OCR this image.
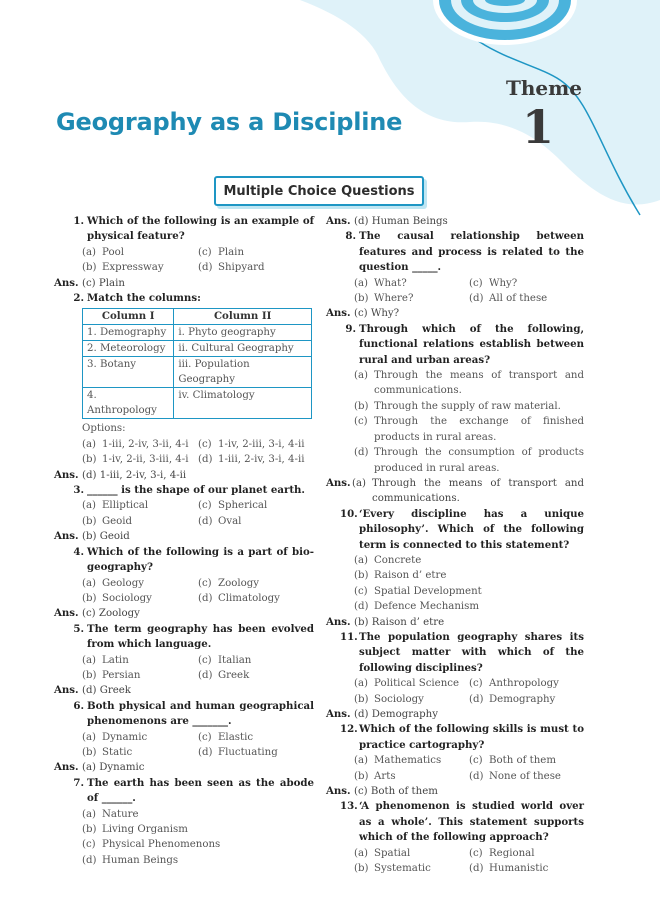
Theme
1
Geography as a Discipline
Multiple Choice Questions
1. Which of the following is an example of physical feature?
(a) Pool	(c) Plain
(b) Expressway	(d) Shipyard
Ans. (c) Plain
2. Match the columns:
Column I	Column II
1. Demography	i. Phyto geography
2. Meteorology	ii. Cultural Geography
3. Botany	iii. Population Geography
4. Anthropology	iv. Climatology
Options:
(a) 1-iii, 2-iv, 3-ii, 4-i (c) 1-iv, 2-iii, 3-i, 4-ii
(b) 1-iv, 2-ii, 3-iii, 4-i (d) 1-iii, 2-iv, 3-i, 4-ii
Ans. (d) 1-iii, 2-iv, 3-i, 4-ii
3. ______ is the shape of our planet earth.
(a) Elliptical	(c) Spherical
(b) Geoid	(d) Oval
Ans. (b) Geoid
4. Which of the following is a part of bio-geography?
(a) Geology	(c) Zoology
(b) Sociology	(d) Climatology
Ans. (c) Zoology
5. The term geography has been evolved from which language.
(a) Latin	(c) Italian
(b) Persian	(d) Greek
Ans. (d) Greek
6. Both physical and human geographical phenomenons are _______.
(a) Dynamic	(c) Elastic
(b) Static	(d) Fluctuating
Ans. (a) Dynamic
7. The earth has been seen as the abode of ______.
(a) Nature
(b) Living Organism
(c) Physical Phenomenons
(d) Human Beings
Ans. (d) Human Beings
8. The causal relationship between features and process is related to the question _____.
(a) What?	(c) Why?
(b) Where?	(d) All of these
Ans. (c) Why?
9. Through which of the following, functional relations establish between rural and urban areas?
(a) Through the means of transport and communications.
(b) Through the supply of raw material.
(c) Through the exchange of finished products in rural areas.
(d) Through the consumption of products produced in rural areas.
Ans. (a) Through the means of transport and communications.
10. ‘Every discipline has a unique philosophy’. Which of the following term is connected to this statement?
(a) Concrete
(b) Raison d’ etre
(c) Spatial Development
(d) Defence Mechanism
Ans. (b) Raison d’ etre
11. The population geography shares its subject matter with which of the following disciplines?
(a) Political Science (c) Anthropology
(b) Sociology	(d) Demography
Ans. (d) Demography
12. Which of the following skills is must to practice cartography?
(a) Mathematics	(c) Both of them
(b) Arts	(d) None of these
Ans. (c) Both of them
13. ‘A phenomenon is studied world over as a whole’. This statement supports which of the following approach?
(a) Spatial	(c) Regional
(b) Systematic	(d) Humanistic
